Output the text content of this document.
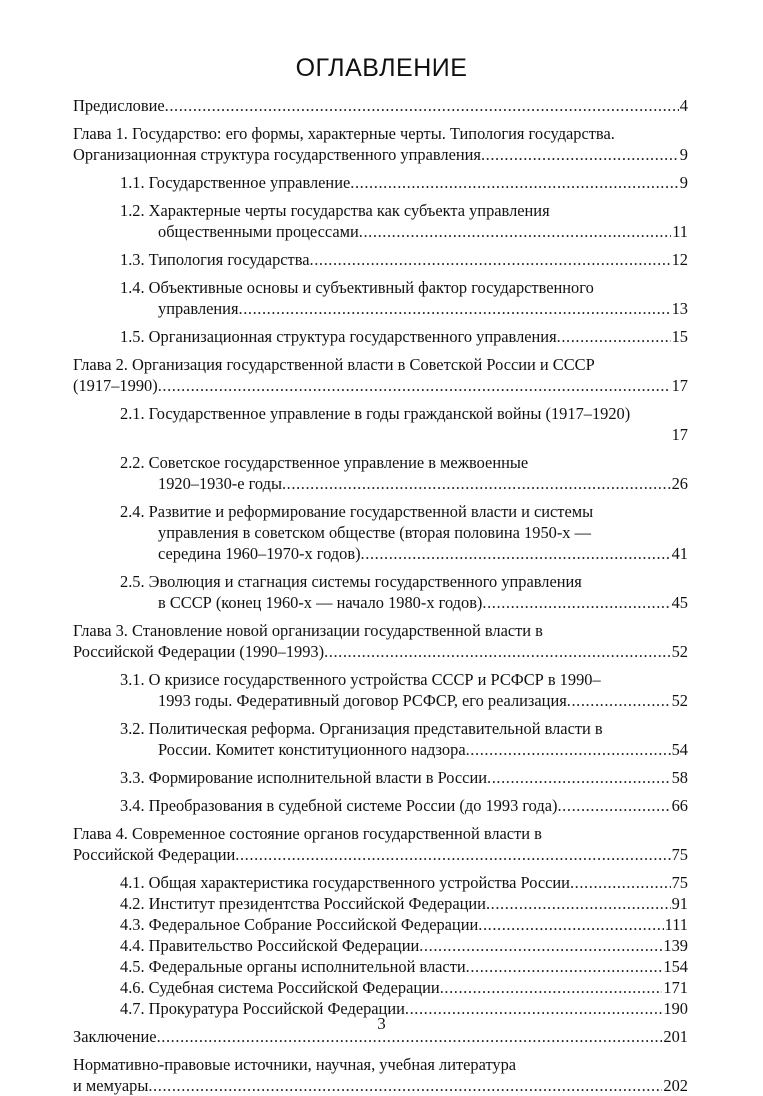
ОГЛАВЛЕНИЕ
Предисловие .....	4
Глава 1. Государство: его формы, характерные черты. Типология государства.
Организационная структура государственного управления .....	9
1.1. Государственное управление .....	9
1.2. Характерные черты государства как субъекта управления
общественными процессами .....	11
1.3. Типология государства .....	12
1.4. Объективные основы и субъективный фактор государственного
управления .....	13
1.5. Организационная структура государственного управления .....	15
Глава 2. Организация государственной власти в Советской России и СССР
(1917–1990) .....	17
2.1. Государственное управление в годы гражданской войны (1917–1920)
17
2.2. Советское государственное управление в межвоенные
1920–1930-е годы .....	26
2.4. Развитие и реформирование государственной власти и системы
управления в советском обществе (вторая половина 1950-х —
середина 1960–1970-х годов) .....	41
2.5. Эволюция и стагнация системы государственного управления
в СССР (конец 1960-х — начало 1980-х годов) .....	45
Глава 3. Становление новой организации государственной власти в
Российской Федерации (1990–1993) .....	52
3.1. О кризисе государственного устройства СССР и РСФСР в 1990–
1993 годы. Федеративный договор РСФСР, его реализация .....	52
3.2. Политическая реформа. Организация представительной власти в
России. Комитет конституционного надзора .....	54
3.3. Формирование исполнительной власти в России .....	58
3.4. Преобразования в судебной системе России (до 1993 года) .....	66
Глава 4. Современное состояние органов государственной власти в
Российской Федерации .....	75
4.1. Общая характеристика государственного устройства России .....	75
4.2. Институт президентства Российской Федерации .....	91
4.3. Федеральное Собрание Российской Федерации .....	111
4.4. Правительство Российской Федерации .....	139
4.5. Федеральные органы исполнительной власти .....	154
4.6. Судебная система Российской Федерации .....	171
4.7. Прокуратура Российской Федерации .....	190
Заключение .....	201
Нормативно-правовые источники, научная, учебная литература
и мемуары .....	202
3
